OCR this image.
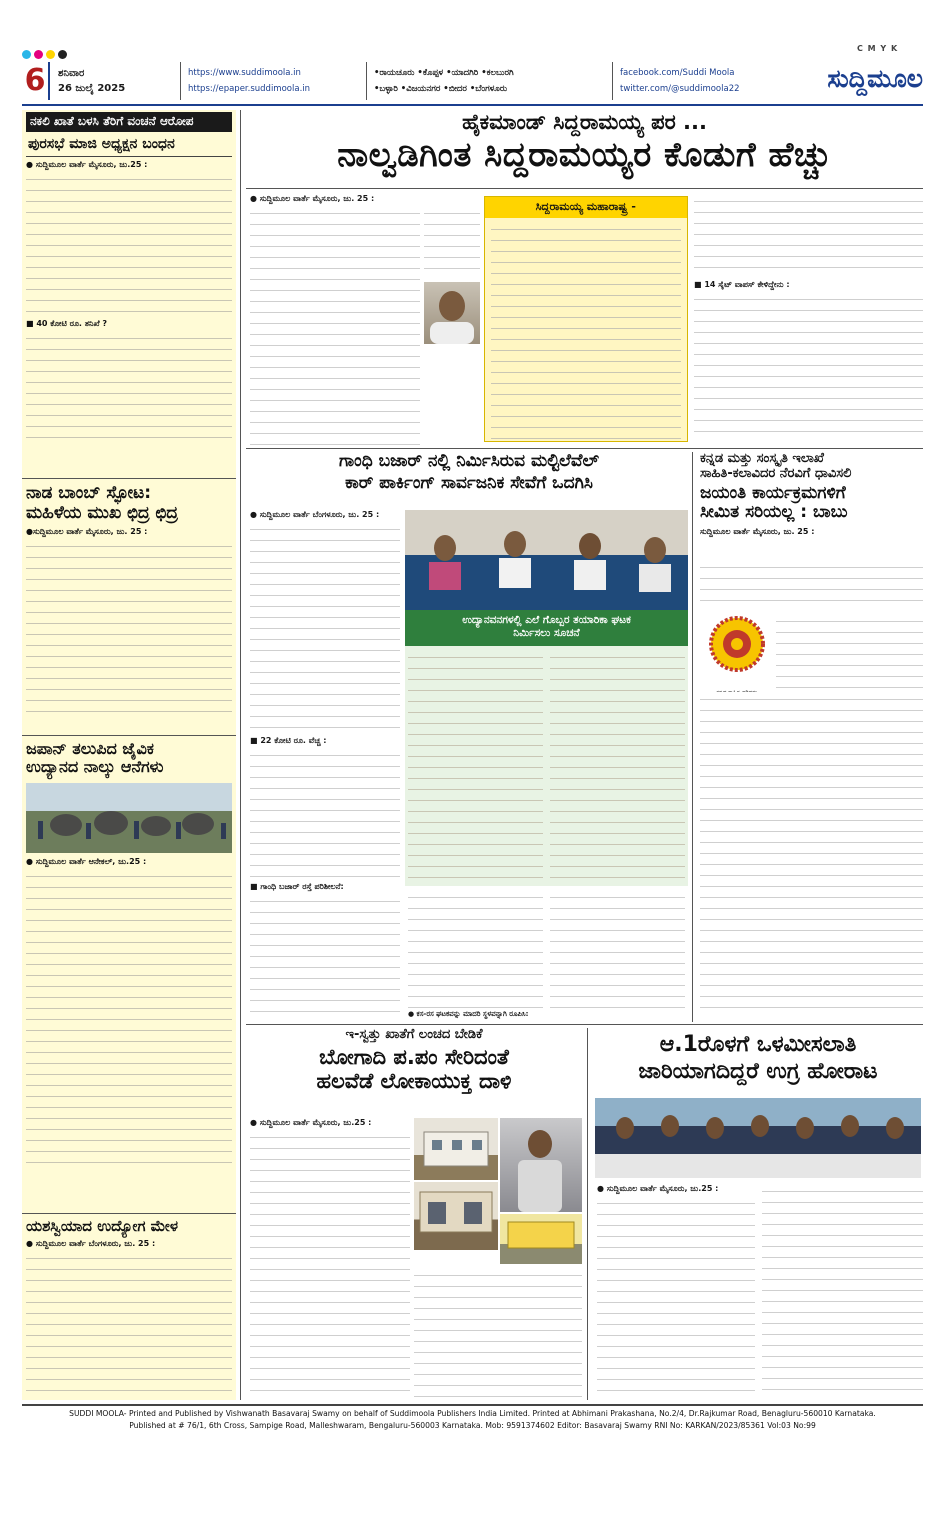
C M Y K
6	ಶನಿವಾರ
26 ಜುಲೈ 2025
https://www.suddimoola.in
https://epaper.suddimoola.in
•ರಾಯಚೂರು •ಕೊಪ್ಪಳ •ಯಾದಗಿರಿ •ಕಲಬುರಗಿ
•ಬಳ್ಳಾರಿ •ವಿಜಯನಗರ •ಬೀದರ •ಬೆಂಗಳೂರು
facebook.com/Suddi Moola
twitter.com/@suddimoola22	ಸುದ್ದಿಮೂಲ
ನಕಲಿ ಖಾತೆ ಬಳಸಿ ತೆರಿಗೆ ವಂಚನೆ ಆರೋಪ
ಪುರಸಭೆ ಮಾಜಿ ಅಧ್ಯಕ್ಷನ ಬಂಧನ
● ಸುದ್ದಿಮೂಲ ವಾರ್ತೆ ಮೈಸೂರು, ಜು.25 :
■ 40 ಕೋಟಿ ರೂ. ತನಿಖೆ ?
ನಾಡ ಬಾಂಬ್ ಸ್ಫೋಟ:
ಮಹಿಳೆಯ ಮುಖ ಛಿದ್ರ ಛಿದ್ರ
●ಸುದ್ದಿಮೂಲ ವಾರ್ತೆ ಮೈಸೂರು, ಜು. 25 :
ಜಪಾನ್ ತಲುಪಿದ ಜೈವಿಕ
ಉದ್ಯಾನದ ನಾಲ್ಕು ಆನೆಗಳು
● ಸುದ್ದಿಮೂಲ ವಾರ್ತೆ ಆನೇಕಲ್, ಜು.25 :
ಯಶಸ್ವಿಯಾದ ಉದ್ಯೋಗ ಮೇಳ
● ಸುದ್ದಿಮೂಲ ವಾರ್ತೆ ಬೆಂಗಳೂರು, ಜು. 25 :
ಹೈಕಮಾಂಡ್ ಸಿದ್ದರಾಮಯ್ಯ ಪರ ...
ನಾಲ್ವಡಿಗಿಂತ ಸಿದ್ದರಾಮಯ್ಯರ ಕೊಡುಗೆ ಹೆಚ್ಚು
● ಸುದ್ದಿಮೂಲ ವಾರ್ತೆ ಮೈಸೂರು, ಜು. 25 :
ಸಿದ್ದರಾಮಯ್ಯ ಮಹಾರಾಷ್ಟ್ರ ⁃
■ 14 ಸೈಟ್ ವಾಪಸ್ ಕೇಳಿದ್ದೇನು :
ಗಾಂಧಿ ಬಜಾರ್ ನಲ್ಲಿ ನಿರ್ಮಿಸಿರುವ ಮಲ್ಟಿಲೆವೆಲ್
ಕಾರ್ ಪಾರ್ಕಿಂಗ್ ಸಾರ್ವಜನಿಕ ಸೇವೆಗೆ ಒದಗಿಸಿ
● ಸುದ್ದಿಮೂಲ ವಾರ್ತೆ ಬೆಂಗಳೂರು, ಜು. 25 :
ಉದ್ಯಾನವನಗಳಲ್ಲಿ ಎಲೆ ಗೊಬ್ಬರ ತಯಾರಿಕಾ ಘಟಕ
ನಿರ್ಮಿಸಲು ಸೂಚನೆ
■ 22 ಕೋಟಿ ರೂ. ವೆಚ್ಚ :
■ ಗಾಂಧಿ ಬಜಾರ್ ರಸ್ತೆ ಪರಿಶೀಲನೆ:
● ಕಸ-ರಸ ಘಟಕವನ್ನು ಮಾದರಿ ಸ್ಥಳವನ್ನಾಗಿ ರೂಪಿಸಿ:
ಕನ್ನಡ ಮತ್ತು ಸಂಸ್ಕೃತಿ ಇಲಾಖೆ
ಸಾಹಿತಿ-ಕಲಾವಿದರ ನೆರವಿಗೆ ಧಾವಿಸಲಿ
ಜಯಂತಿ ಕಾರ್ಯಕ್ರಮಗಳಿಗೆ
ಸೀಮಿತ ಸರಿಯಲ್ಲ : ಬಾಬು
ಸುದ್ದಿಮೂಲ ವಾರ್ತೆ ಮೈಸೂರು, ಜು. 25 :
ಇ-ಸ್ವತ್ತು ಖಾತೆಗೆ ಲಂಚದ ಬೇಡಿಕೆ
ಬೋಗಾದಿ ಪ.ಪಂ ಸೇರಿದಂತೆ
ಹಲವೆಡೆ ಲೋಕಾಯುಕ್ತ ದಾಳಿ
● ಸುದ್ದಿಮೂಲ ವಾರ್ತೆ ಮೈಸೂರು, ಜು.25 :
ಆ.1ರೊಳಗೆ ಒಳಮೀಸಲಾತಿ
ಜಾರಿಯಾಗದಿದ್ದರೆ ಉಗ್ರ ಹೋರಾಟ
● ಸುದ್ದಿಮೂಲ ವಾರ್ತೆ ಮೈಸೂರು, ಜು.25 :
SUDDI MOOLA- Printed and Published by Vishwanath Basavaraj Swamy on behalf of Suddimoola Publishers India Limited. Printed at Abhimani Prakashana, No.2/4, Dr.Rajkumar Road, Benagluru-560010 Karnataka.
Published at # 76/1, 6th Cross, Sampige Road, Malleshwaram, Bengaluru-560003 Karnataka. Mob: 9591374602 Editor: Basavaraj Swamy RNI No: KARKAN/2023/85361 Vol:03 No:99
